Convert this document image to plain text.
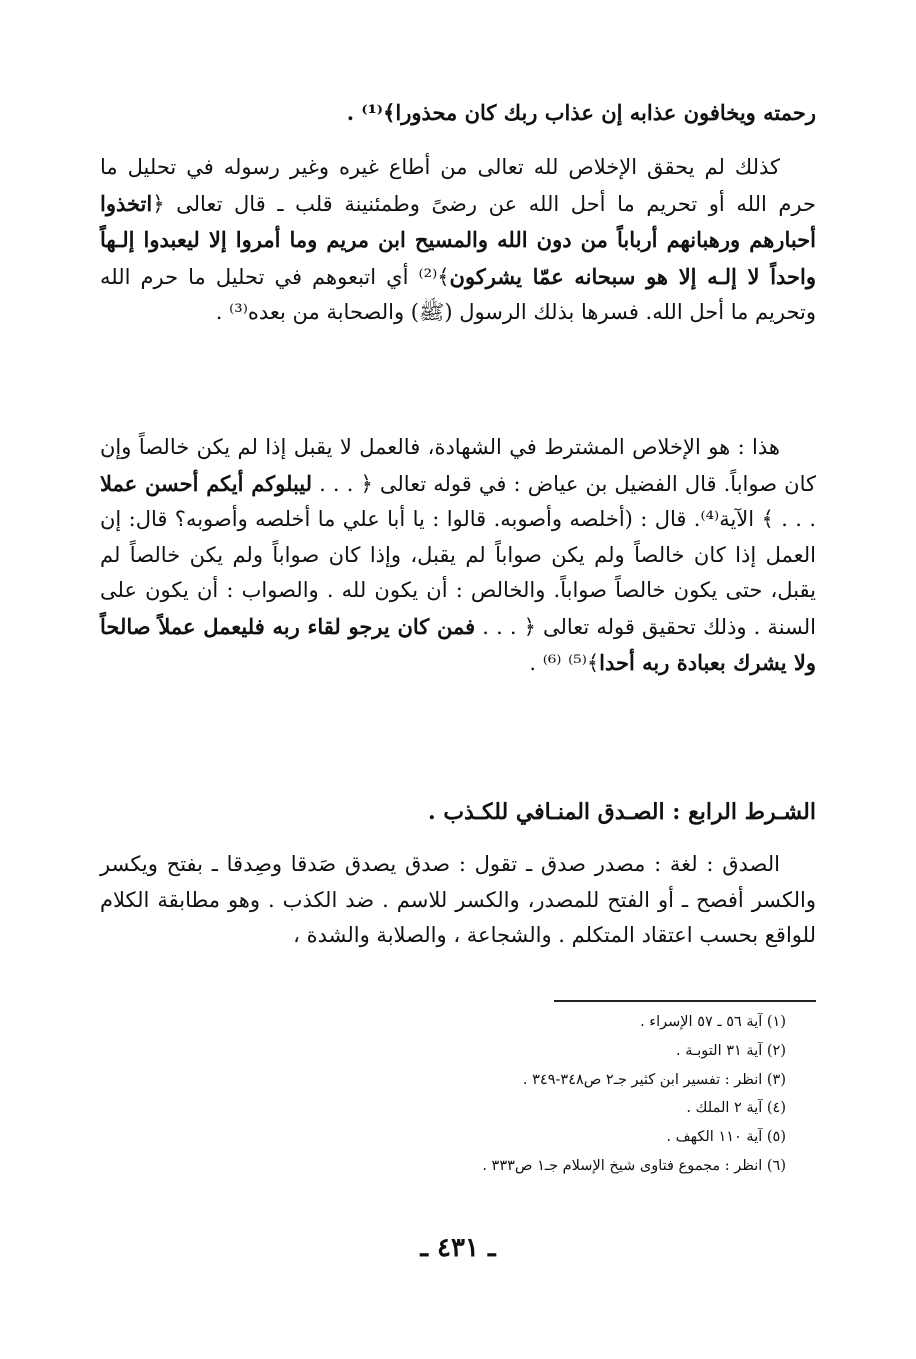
رحمته ويخافون عذابه إن عذاب ربك كان محذورا﴾⁽¹⁾ .

كذلك لم يحقق الإخلاص لله تعالى من أطاع غيره وغير رسوله في تحليل ما حرم الله أو تحريم ما أحل الله عن رضىً وطمئنينة قلب ـ قال تعالى ﴿اتخذوا أحبارهم ورهبانهم أرباباً من دون الله والمسيح ابن مريم وما أمروا إلا ليعبدوا إلـهاً واحداً لا إلـه إلا هو سبحانه عمّا يشركون﴾⁽²⁾ أي اتبعوهم في تحليل ما حرم الله وتحريم ما أحل الله. فسرها بذلك الرسول (ﷺ) والصحابة من بعده⁽³⁾ .

هذا : هو الإخلاص المشترط في الشهادة، فالعمل لا يقبل إذا لم يكن خالصاً وإن كان صواباً. قال الفضيل بن عياض : في قوله تعالى ﴿ . . . ليبلوكم أيكم أحسن عملا . . . ﴾ الآية⁽⁴⁾. قال : (أخلصه وأصوبه. قالوا : يا أبا علي ما أخلصه وأصوبه؟ قال: إن العمل إذا كان خالصاً ولم يكن صواباً لم يقبل، وإذا كان صواباً ولم يكن خالصاً لم يقبل، حتى يكون خالصاً صواباً. والخالص : أن يكون لله . والصواب : أن يكون على السنة . وذلك تحقيق قوله تعالى ﴿ . . . فمن كان يرجو لقاء ربه فليعمل عملاً صالحاً ولا يشرك بعبادة ربه أحدا﴾⁽⁵⁾ ⁽⁶⁾ .

الشـرط الرابع : الصـدق المنـافي للكـذب .

الصدق : لغة : مصدر صدق ـ تقول : صدق يصدق صَدقا وصِدقا ـ بفتح ويكسر والكسر أفصح ـ أو الفتح للمصدر، والكسر للاسم . ضد الكذب . وهو مطابقة الكلام للواقع بحسب اعتقاد المتكلم . والشجاعة ، والصلابة والشدة ،

(١) آية ٥٦ ـ ٥٧ الإسراء .
(٢) آية ٣١ التوبـة .
(٣) انظر : تفسير ابن كثير جـ٢ ص٣٤٨-٣٤٩ .
(٤) آية ٢ الملك .
(٥) آية ١١٠ الكهف .
(٦) انظر : مجموع فتاوى شيخ الإسلام جـ١ ص٣٣٣ .
ـ ٤٣١ ـ
